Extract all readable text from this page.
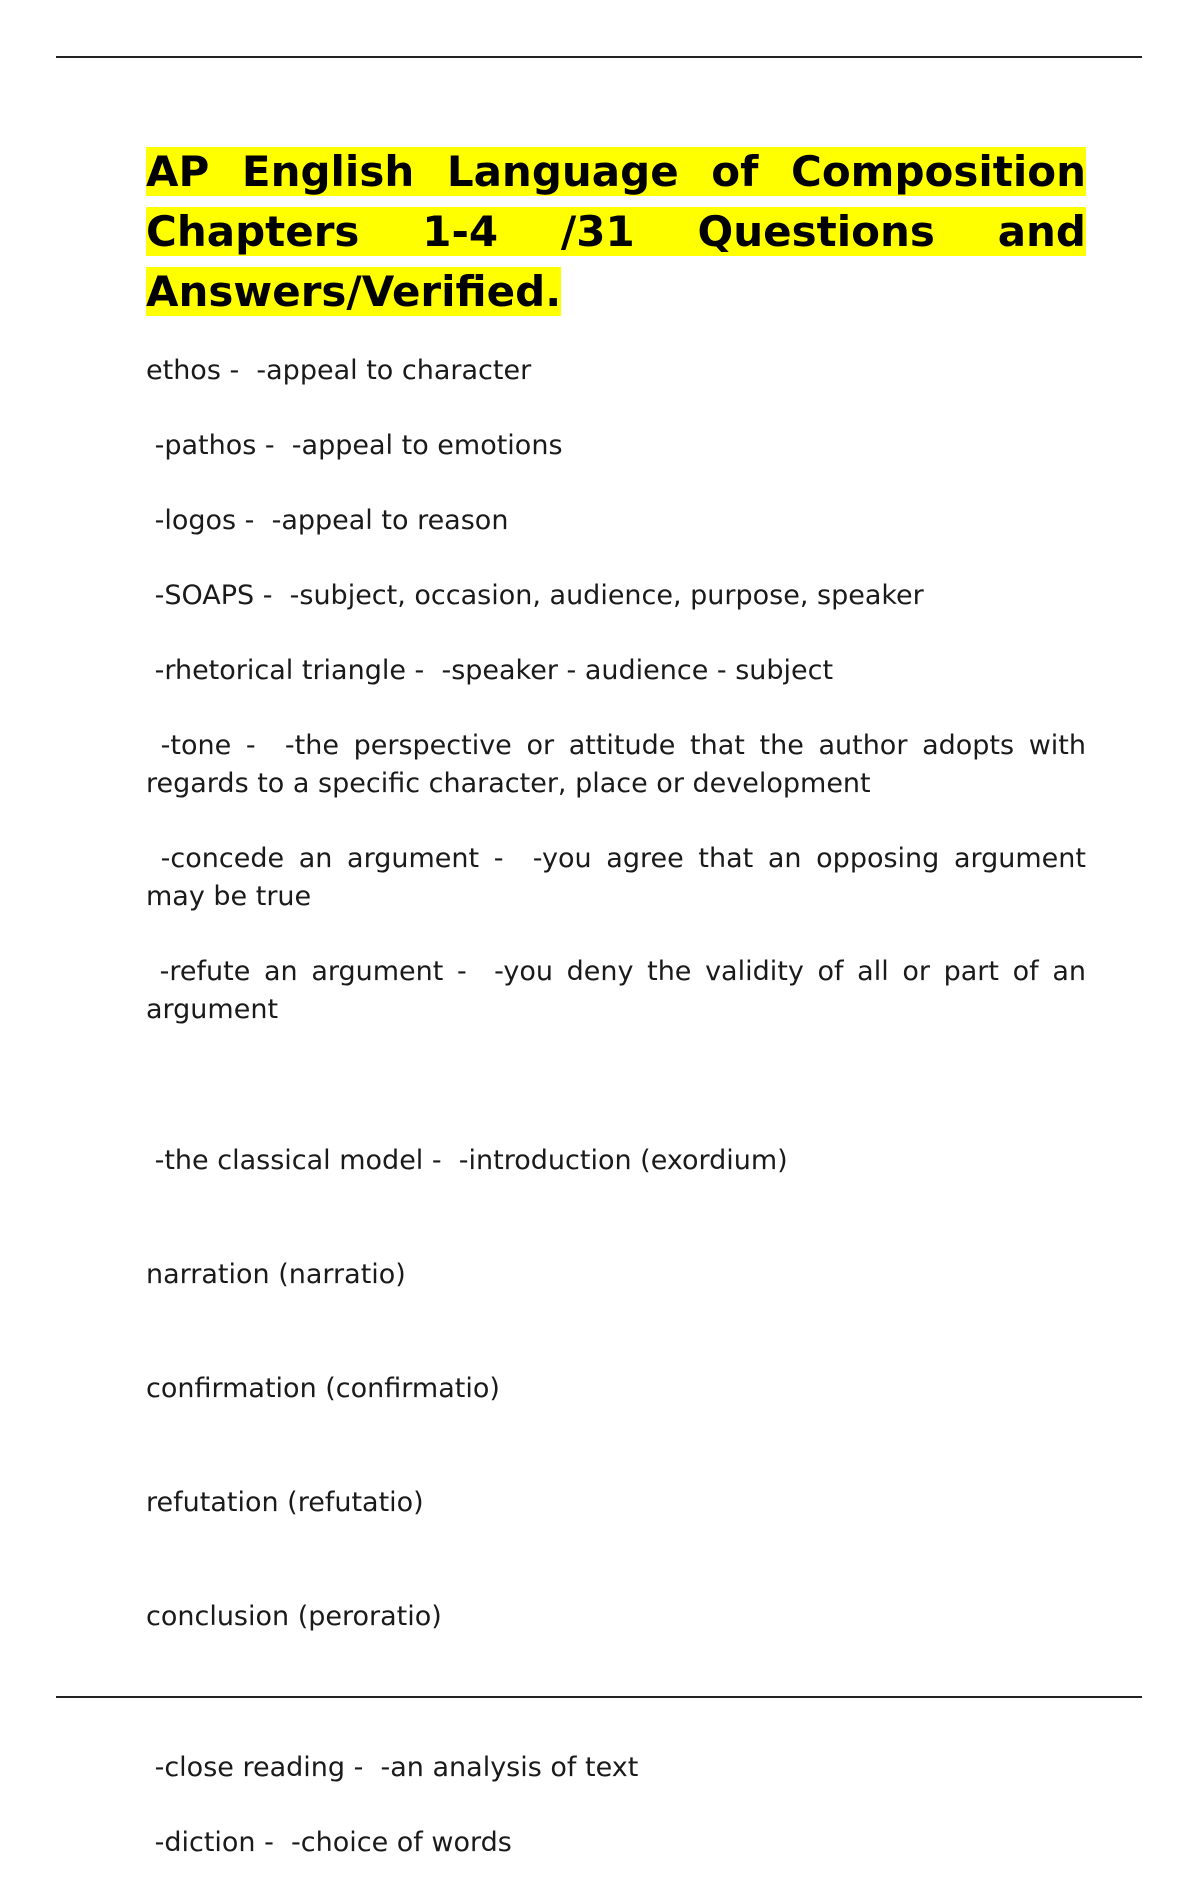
AP English Language of Composition Chapters 1-4 /31 Questions and Answers/Verified.

ethos -  -appeal to character

-pathos -  -appeal to emotions

-logos -  -appeal to reason

-SOAPS -  -subject, occasion, audience, purpose, speaker

-rhetorical triangle -  -speaker - audience - subject

-tone -  -the perspective or attitude that the author adopts with regards to a specific character, place or development

-concede an argument -  -you agree that an opposing argument may be true

-refute an argument -  -you deny the validity of all or part of an argument

-the classical model -  -introduction (exordium)

narration (narratio)

confirmation (confirmatio)

refutation (refutatio)

conclusion (peroratio)

-close reading -  -an analysis of text

-diction -  -choice of words
